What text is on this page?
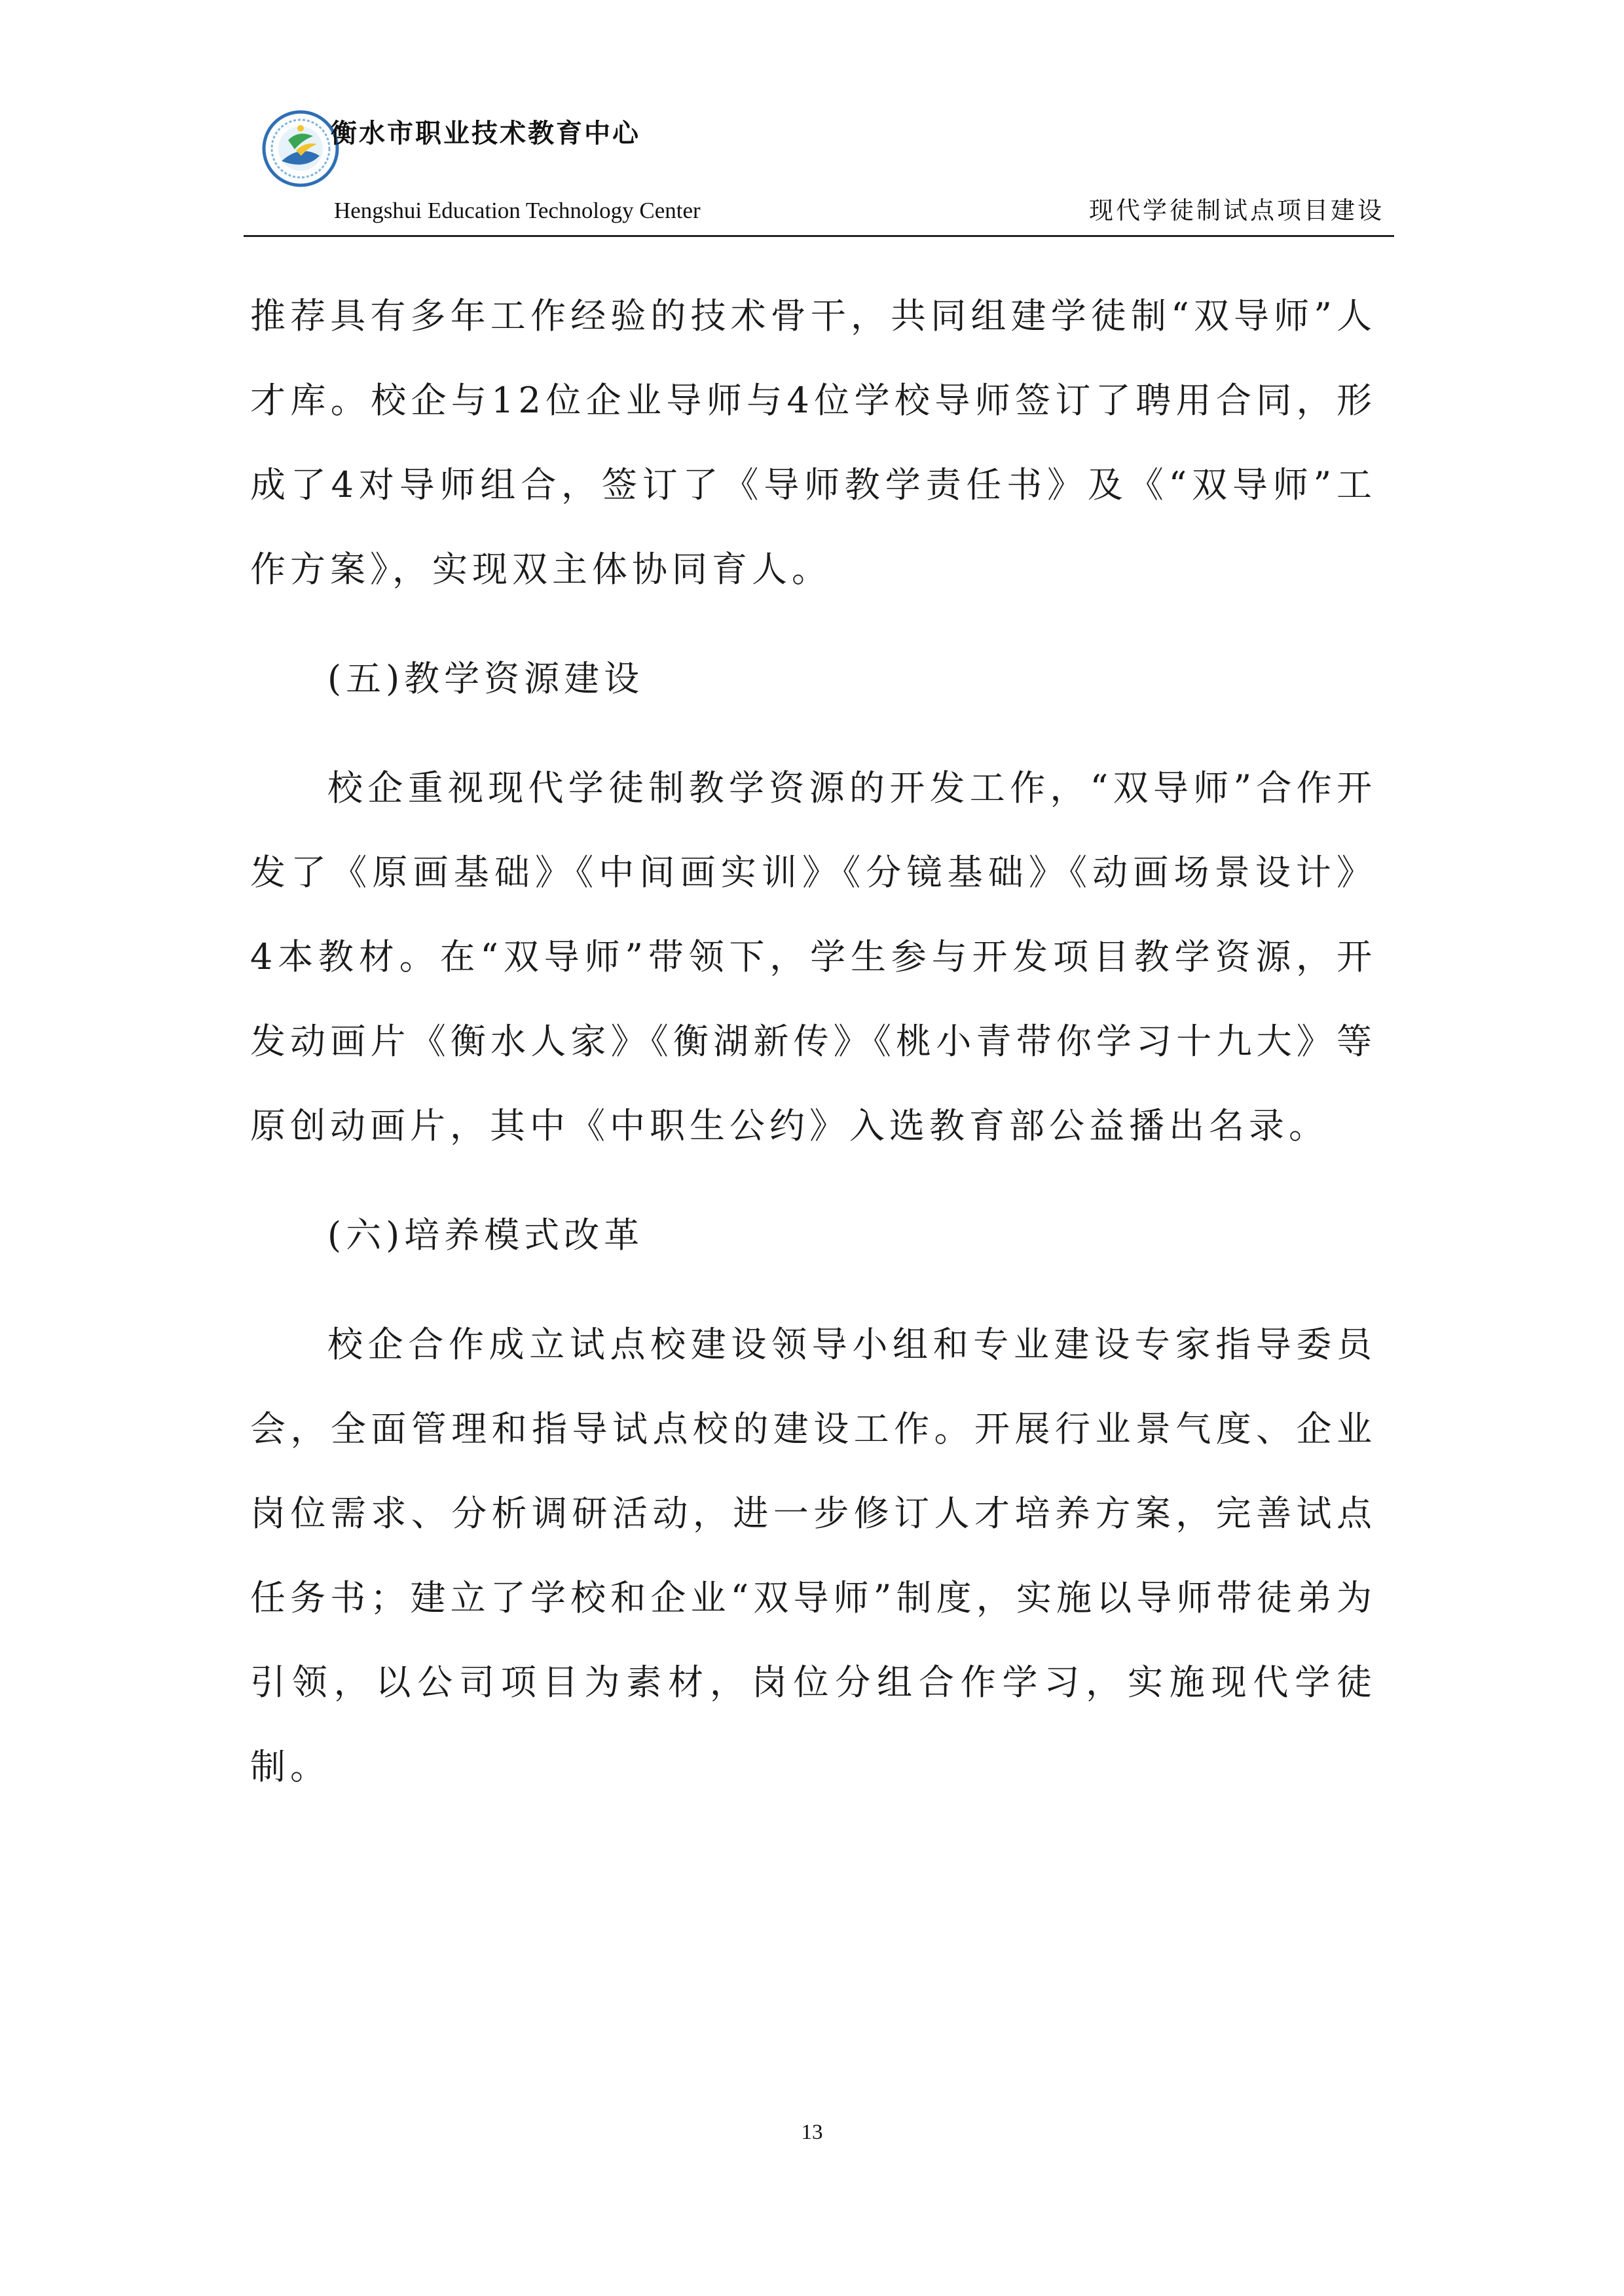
衡水市职业技术教育中心
Hengshui Education Technology Center	现代学徒制试点项目建设

推荐具有多年工作经验的技术骨干，共同组建学徒制“双导师”人才库。校企与12位企业导师与4位学校导师签订了聘用合同，形成了4对导师组合，签订了《导师教学责任书》及《“双导师”工作方案》，实现双主体协同育人。

(五)教学资源建设

校企重视现代学徒制教学资源的开发工作，“双导师”合作开发了《原画基础》《中间画实训》《分镜基础》《动画场景设计》4本教材。在“双导师”带领下，学生参与开发项目教学资源，开发动画片《衡水人家》《衡湖新传》《桃小青带你学习十九大》等原创动画片，其中《中职生公约》入选教育部公益播出名录。

(六)培养模式改革

校企合作成立试点校建设领导小组和专业建设专家指导委员会，全面管理和指导试点校的建设工作。开展行业景气度、企业岗位需求、分析调研活动，进一步修订人才培养方案，完善试点任务书；建立了学校和企业“双导师”制度，实施以导师带徒弟为引领，以公司项目为素材，岗位分组合作学习，实施现代学徒制。

13
